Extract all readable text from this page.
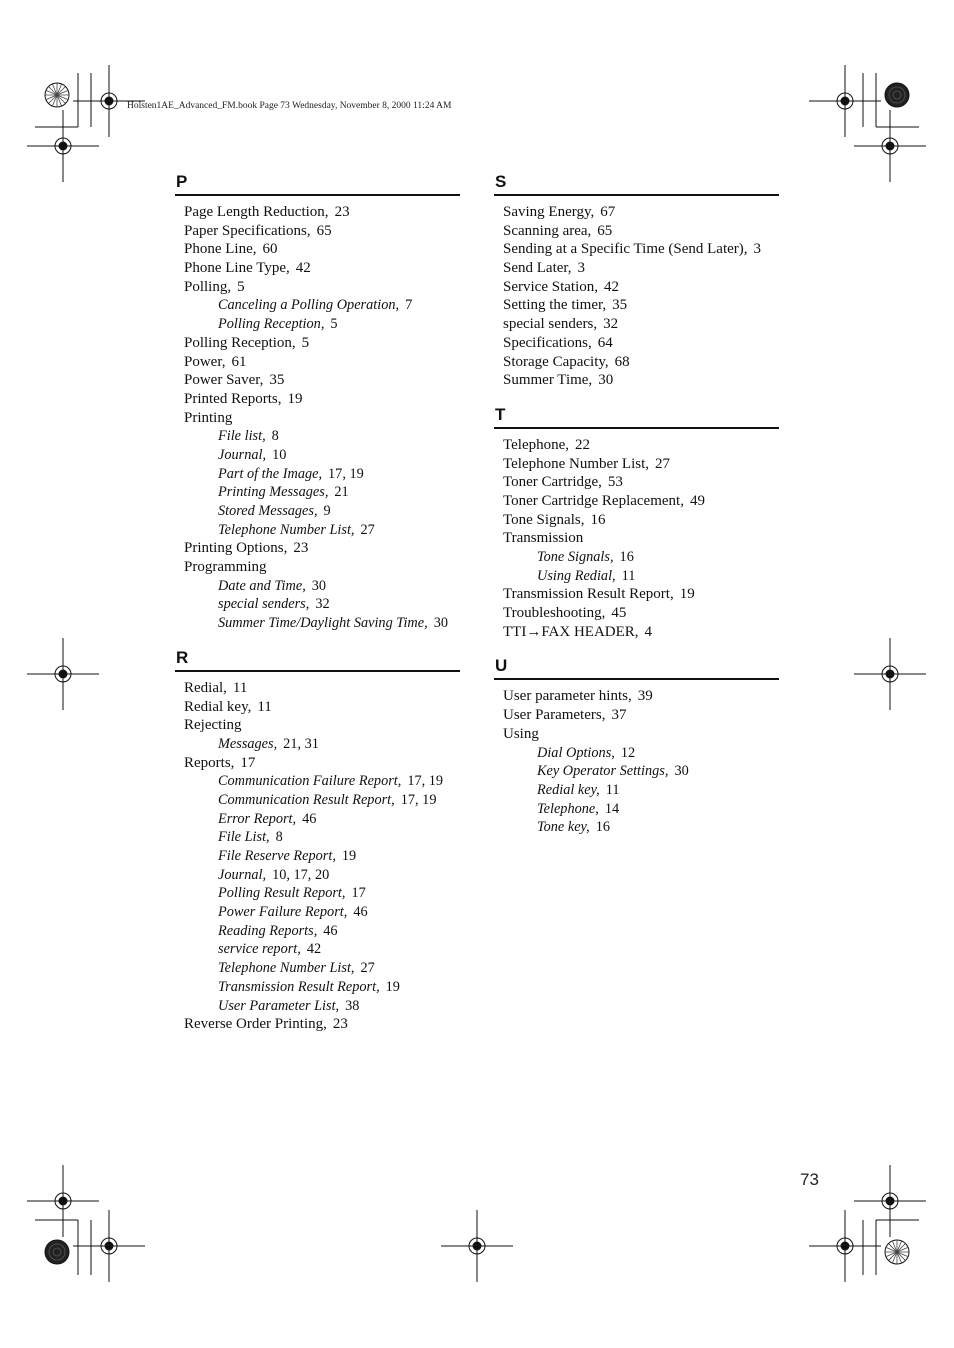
Holsten1AE_Advanced_FM.book Page 73 Wednesday, November 8, 2000 11:24 AM
P
Page Length Reduction, 23
Paper Specifications, 65
Phone Line, 60
Phone Line Type, 42
Polling, 5
Canceling a Polling Operation, 7
Polling Reception, 5
Polling Reception, 5
Power, 61
Power Saver, 35
Printed Reports, 19
Printing
File list, 8
Journal, 10
Part of the Image, 17, 19
Printing Messages, 21
Stored Messages, 9
Telephone Number List, 27
Printing Options, 23
Programming
Date and Time, 30
special senders, 32
Summer Time/Daylight Saving Time, 30
R
Redial, 11
Redial key, 11
Rejecting
Messages, 21, 31
Reports, 17
Communication Failure Report, 17, 19
Communication Result Report, 17, 19
Error Report, 46
File List, 8
File Reserve Report, 19
Journal, 10, 17, 20
Polling Result Report, 17
Power Failure Report, 46
Reading Reports, 46
service report, 42
Telephone Number List, 27
Transmission Result Report, 19
User Parameter List, 38
Reverse Order Printing, 23
S
Saving Energy, 67
Scanning area, 65
Sending at a Specific Time (Send Later), 3
Send Later, 3
Service Station, 42
Setting the timer, 35
special senders, 32
Specifications, 64
Storage Capacity, 68
Summer Time, 30
T
Telephone, 22
Telephone Number List, 27
Toner Cartridge, 53
Toner Cartridge Replacement, 49
Tone Signals, 16
Transmission
Tone Signals, 16
Using Redial, 11
Transmission Result Report, 19
Troubleshooting, 45
TTI→FAX HEADER, 4
U
User parameter hints, 39
User Parameters, 37
Using
Dial Options, 12
Key Operator Settings, 30
Redial key, 11
Telephone, 14
Tone key, 16
73
